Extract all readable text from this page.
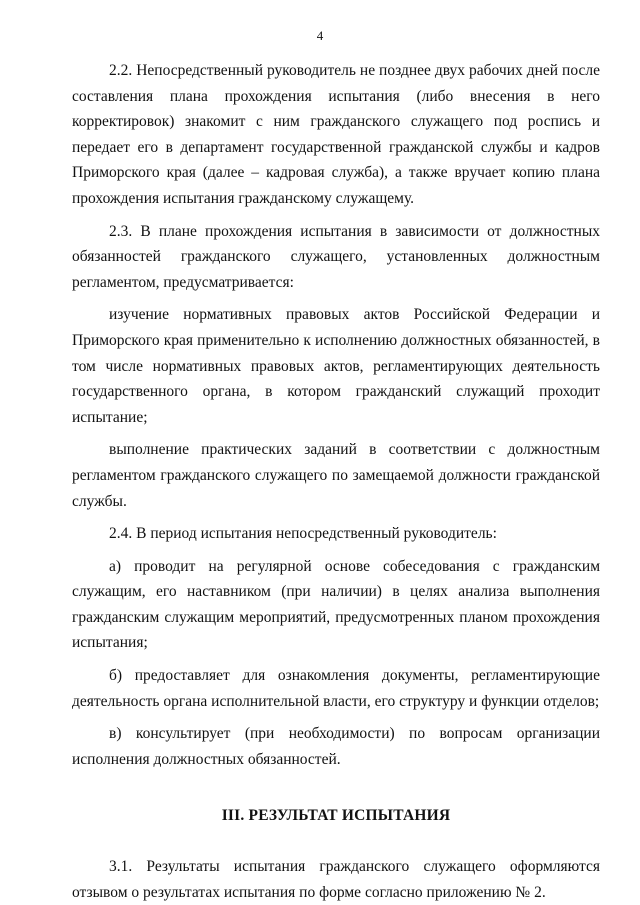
4

2.2. Непосредственный руководитель не позднее двух рабочих дней после составления плана прохождения испытания (либо внесения в него корректировок) знакомит с ним гражданского служащего под роспись и передает его в департамент государственной гражданской службы и кадров Приморского края (далее – кадровая служба), а также вручает копию плана прохождения испытания гражданскому служащему.

2.3. В плане прохождения испытания в зависимости от должностных обязанностей гражданского служащего, установленных должностным регламентом, предусматривается:

изучение нормативных правовых актов Российской Федерации и Приморского края применительно к исполнению должностных обязанностей, в том числе нормативных правовых актов, регламентирующих деятельность государственного органа, в котором гражданский служащий проходит испытание;

выполнение практических заданий в соответствии с должностным регламентом гражданского служащего по замещаемой должности гражданской службы.

2.4. В период испытания непосредственный руководитель:

а) проводит на регулярной основе собеседования с гражданским служащим, его наставником (при наличии) в целях анализа выполнения гражданским служащим мероприятий, предусмотренных планом прохождения испытания;

б) предоставляет для ознакомления документы, регламентирующие деятельность органа исполнительной власти, его структуру и функции отделов;

в) консультирует (при необходимости) по вопросам организации исполнения должностных обязанностей.

III. РЕЗУЛЬТАТ ИСПЫТАНИЯ

3.1. Результаты испытания гражданского служащего оформляются отзывом о результатах испытания по форме согласно приложению № 2.
